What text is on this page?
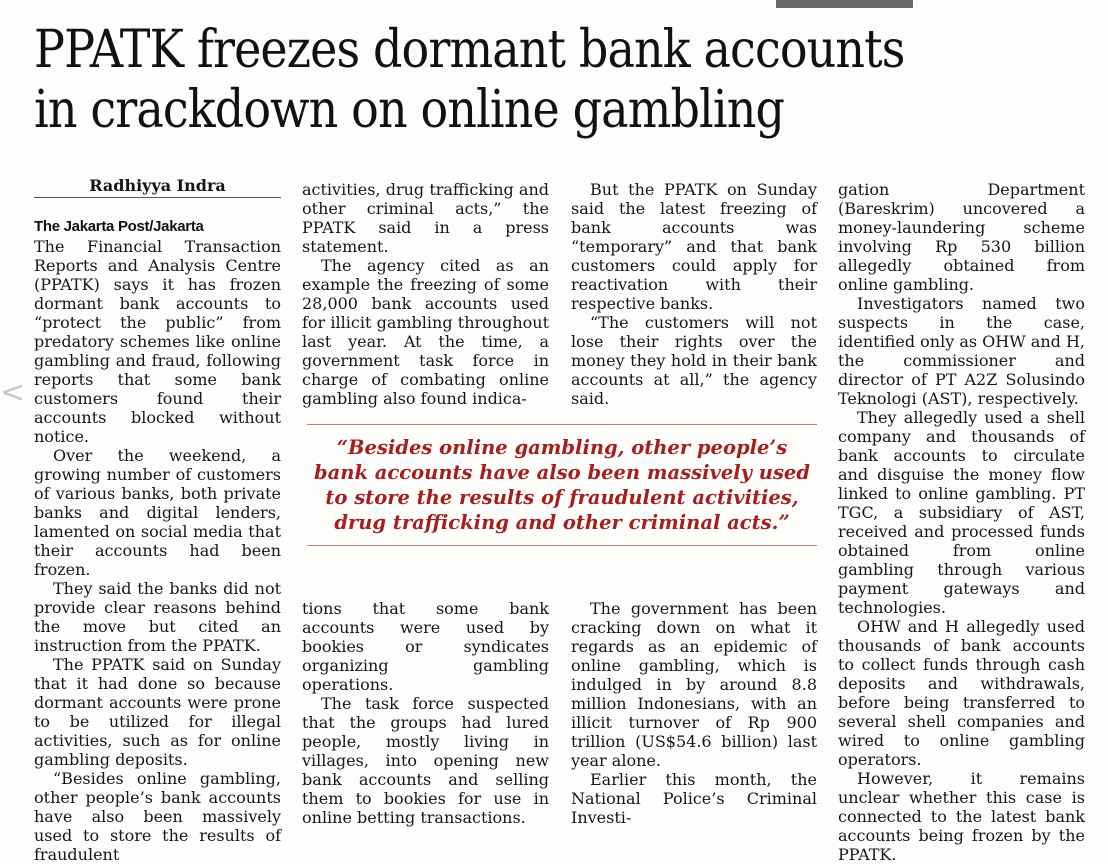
PPATK freezes dormant bank accounts
in crackdown on online gambling
<
Radhiyya Indra
The Jakarta Post/Jakarta

The Financial Transaction Reports and Analysis Centre (PPATK) says it has frozen dormant bank accounts to “protect the public” from predatory schemes like online gambling and fraud, following reports that some bank customers found their accounts blocked without notice.

Over the weekend, a growing number of customers of various banks, both private banks and digital lenders, lamented on social media that their accounts had been frozen.

They said the banks did not provide clear reasons behind the move but cited an instruction from the PPATK.

The PPATK said on Sunday that it had done so because dormant accounts were prone to be utilized for illegal activities, such as for online gambling deposits.

“Besides online gambling, other people’s bank accounts have also been massively used to store the results of fraudulent

activities, drug trafficking and other criminal acts,” the PPATK said in a press statement.

The agency cited as an example the freezing of some 28,000 bank accounts used for illicit gambling throughout last year. At the time, a government task force in charge of combating online gambling also found indica-

But the PPATK on Sunday said the latest freezing of bank accounts was “temporary” and that bank customers could apply for reactivation with their respective banks.

“The customers will not lose their rights over the money they hold in their bank accounts at all,” the agency said.

“Besides online gambling, other people’s bank accounts have also been massively used to store the results of fraudulent activities, drug trafficking and other criminal acts.”

tions that some bank accounts were used by bookies or syndicates organizing gambling operations.

The task force suspected that the groups had lured people, mostly living in villages, into opening new bank accounts and selling them to bookies for use in online betting transactions.

The government has been cracking down on what it regards as an epidemic of online gambling, which is indulged in by around 8.8 million Indonesians, with an illicit turnover of Rp 900 trillion (US$54.6 billion) last year alone.

Earlier this month, the National Police’s Criminal Investi-

gation Department (Bareskrim) uncovered a money-laundering scheme involving Rp 530 billion allegedly obtained from online gambling.

Investigators named two suspects in the case, identified only as OHW and H, the commissioner and director of PT A2Z Solusindo Teknologi (AST), respectively.

They allegedly used a shell company and thousands of bank accounts to circulate and disguise the money flow linked to online gambling. PT TGC, a subsidiary of AST, received and processed funds obtained from online gambling through various payment gateways and technologies.

OHW and H allegedly used thousands of bank accounts to collect funds through cash deposits and withdrawals, before being transferred to several shell companies and wired to online gambling operators.

However, it remains unclear whether this case is connected to the latest bank accounts being frozen by the PPATK.
